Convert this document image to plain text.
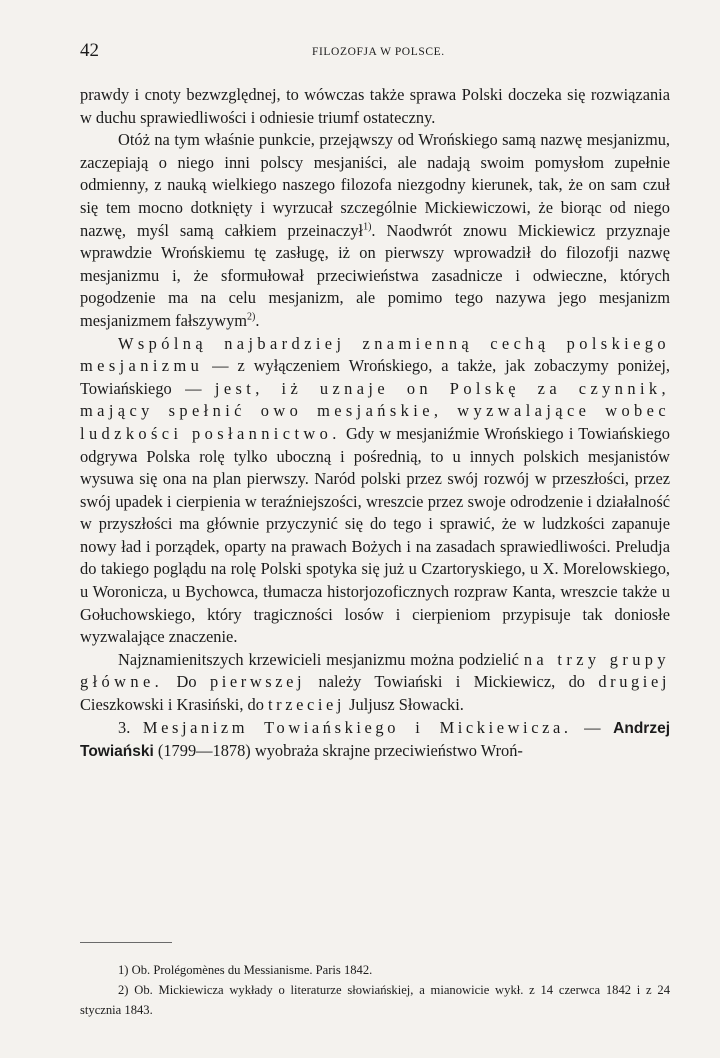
42	FILOZOFJA W POLSCE.

prawdy i cnoty bezwzględnej, to wówczas także sprawa Polski doczeka się rozwiązania w duchu sprawiedliwości i odniesie triumf ostateczny.

Otóż na tym właśnie punkcie, przejąwszy od Wrońskiego samą nazwę mesjanizmu, zaczepiają o niego inni polscy mesjaniści, ale nadają swoim pomysłom zupełnie odmienny, z nauką wielkiego naszego filozofa niezgodny kierunek, tak, że on sam czuł się tem mocno dotknięty i wyrzucał szczególnie Mickiewiczowi, że biorąc od niego nazwę, myśl samą całkiem przeinaczył$^{1)}$. Naodwrót znowu Mickiewicz przyznaje wprawdzie Wrońskiemu tę zasługę, iż on pierwszy wprowadził do filozofji nazwę mesjanizmu i, że sformułował przeciwieństwa zasadnicze i odwieczne, których pogodzenie ma na celu mesjanizm, ale pomimo tego nazywa jego mesjanizm mesjanizmem fałszywym$^{2)}$.

Wspólną najbardziej znamienną cechą polskiego mesjanizmu — z wyłączeniem Wrońskiego, a także, jak zobaczymy poniżej, Towiańskiego — jest, iż uznaje on Polskę za czynnik, mający spełnić owo mesjańskie, wyzwalające wobec ludzkości posłannictwo. Gdy w mesjaniźmie Wrońskiego i Towiańskiego odgrywa Polska rolę tylko uboczną i pośrednią, to u innych polskich mesjanistów wysuwa się ona na plan pierwszy. Naród polski przez swój rozwój w przeszłości, przez swój upadek i cierpienia w teraźniejszości, wreszcie przez swoje odrodzenie i działalność w przyszłości ma głównie przyczynić się do tego i sprawić, że w ludzkości zapanuje nowy ład i porządek, oparty na prawach Bożych i na zasadach sprawiedliwości. Preludja do takiego poglądu na rolę Polski spotyka się już u Czartoryskiego, u X. Morelowskiego, u Woronicza, u Bychowca, tłumacza historjozoficznych rozpraw Kanta, wreszcie także u Gołuchowskiego, który tragiczności losów i cierpieniom przypisuje tak doniosłe wyzwalające znaczenie.

Najznamienitszych krzewicieli mesjanizmu można podzielić na trzy grupy główne. Do pierwszej należy Towiański i Mickiewicz, do drugiej Cieszkowski i Krasiński, do trzeciej Juljusz Słowacki.

3. Mesjanizm Towiańskiego i Mickiewicza. — Andrzej Towiański (1799—1878) wyobraża skrajne przeciwieństwo Wroń-

1) Ob. Prolégomènes du Messianisme. Paris 1842.

2) Ob. Mickiewicza wykłady o literaturze słowiańskiej, a mianowicie wykł. z 14 czerwca 1842 i z 24 stycznia 1843.
